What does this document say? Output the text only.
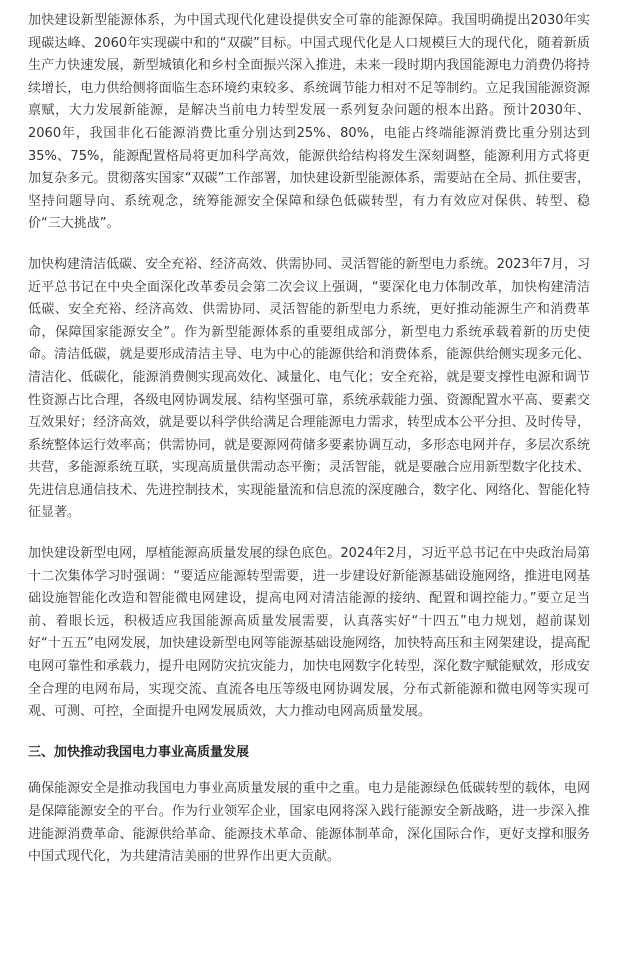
加快建设新型能源体系，为中国式现代化建设提供安全可靠的能源保障。我国明确提出2030年实现碳达峰、2060年实现碳中和的“双碳”目标。中国式现代化是人口规模巨大的现代化，随着新质生产力快速发展，新型城镇化和乡村全面振兴深入推进，未来一段时期内我国能源电力消费仍将持续增长，电力供给侧将面临生态环境约束较多、系统调节能力相对不足等制约。立足我国能源资源禀赋，大力发展新能源，是解决当前电力转型发展一系列复杂问题的根本出路。预计2030年、2060年，我国非化石能源消费比重分别达到25%、80%，电能占终端能源消费比重分别达到35%、75%，能源配置格局将更加科学高效，能源供给结构将发生深刻调整，能源利用方式将更加复杂多元。贯彻落实国家“双碳”工作部署，加快建设新型能源体系，需要站在全局、抓住要害，坚持问题导向、系统观念，统筹能源安全保障和绿色低碳转型，有力有效应对保供、转型、稳价“三大挑战”。

加快构建清洁低碳、安全充裕、经济高效、供需协同、灵活智能的新型电力系统。2023年7月，习近平总书记在中央全面深化改革委员会第二次会议上强调，“要深化电力体制改革，加快构建清洁低碳、安全充裕、经济高效、供需协同、灵活智能的新型电力系统，更好推动能源生产和消费革命，保障国家能源安全”。作为新型能源体系的重要组成部分，新型电力系统承载着新的历史使命。清洁低碳，就是要形成清洁主导、电为中心的能源供给和消费体系，能源供给侧实现多元化、清洁化、低碳化，能源消费侧实现高效化、减量化、电气化；安全充裕，就是要支撑性电源和调节性资源占比合理，各级电网协调发展、结构坚强可靠，系统承载能力强、资源配置水平高、要素交互效果好；经济高效，就是要以科学供给满足合理能源电力需求，转型成本公平分担、及时传导，系统整体运行效率高；供需协同，就是要源网荷储多要素协调互动，多形态电网并存，多层次系统共营，多能源系统互联，实现高质量供需动态平衡；灵活智能，就是要融合应用新型数字化技术、先进信息通信技术、先进控制技术，实现能量流和信息流的深度融合，数字化、网络化、智能化特征显著。

加快建设新型电网，厚植能源高质量发展的绿色底色。2024年2月，习近平总书记在中央政治局第十二次集体学习时强调：“要适应能源转型需要，进一步建设好新能源基础设施网络，推进电网基础设施智能化改造和智能微电网建设，提高电网对清洁能源的接纳、配置和调控能力。”要立足当前、着眼长远，积极适应我国能源高质量发展需要，认真落实好“十四五”电力规划，超前谋划好“十五五”电网发展，加快建设新型电网等能源基础设施网络，加快特高压和主网架建设，提高配电网可靠性和承载力，提升电网防灾抗灾能力，加快电网数字化转型，深化数字赋能赋效，形成安全合理的电网布局，实现交流、直流各电压等级电网协调发展，分布式新能源和微电网等实现可观、可测、可控，全面提升电网发展质效，大力推动电网高质量发展。

三、加快推动我国电力事业高质量发展

确保能源安全是推动我国电力事业高质量发展的重中之重。电力是能源绿色低碳转型的载体，电网是保障能源安全的平台。作为行业领军企业，国家电网将深入践行能源安全新战略，进一步深入推进能源消费革命、能源供给革命、能源技术革命、能源体制革命，深化国际合作，更好支撑和服务中国式现代化，为共建清洁美丽的世界作出更大贡献。
